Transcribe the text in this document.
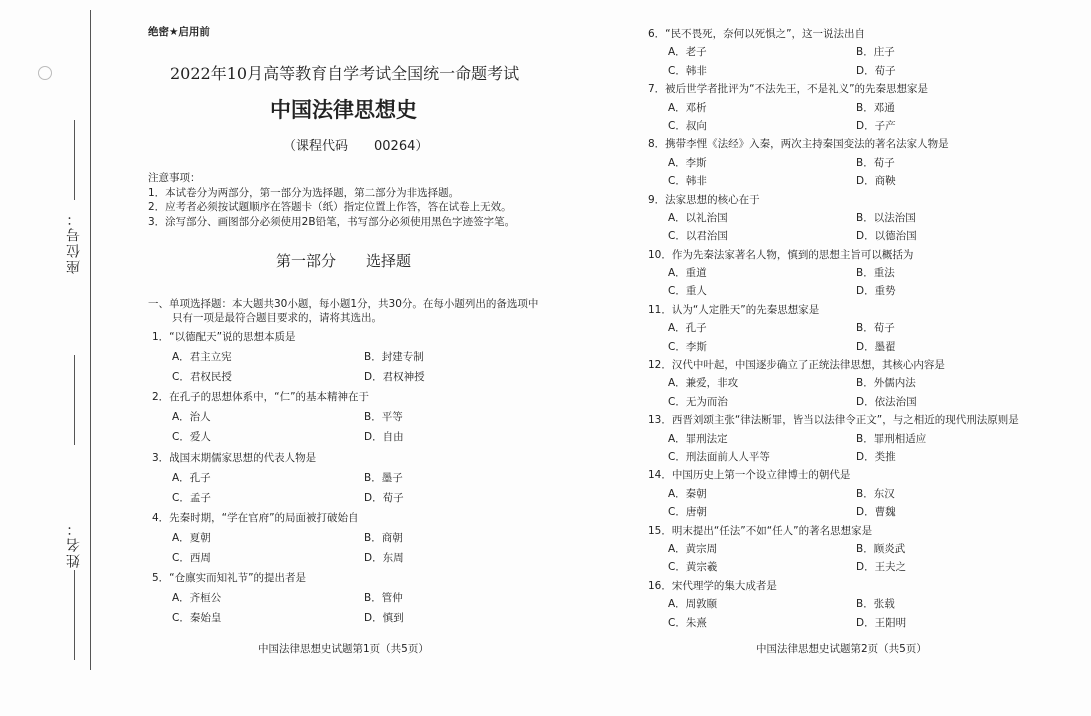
座位号：
姓名：
绝密★启用前
2022年10月高等教育自学考试全国统一命题考试
中国法律思想史
（课程代码　　00264）
注意事项：
1．本试卷分为两部分，第一部分为选择题，第二部分为非选择题。
2．应考者必须按试题顺序在答题卡（纸）指定位置上作答，答在试卷上无效。
3．涂写部分、画图部分必须使用2B铅笔，书写部分必须使用黑色字迹签字笔。
第一部分　　选择题
一、单项选择题：本大题共30小题，每小题1分，共30分。在每小题列出的备选项中
只有一项是最符合题目要求的，请将其选出。
1．“以德配天”说的思想本质是
A．君主立宪	B．封建专制
C．君权民授	D．君权神授
2．在孔子的思想体系中，“仁”的基本精神在于
A．治人	B．平等
C．爱人	D．自由
3．战国末期儒家思想的代表人物是
A．孔子	B．墨子
C．孟子	D．荀子
4．先秦时期，“学在官府”的局面被打破始自
A．夏朝	B．商朝
C．西周	D．东周
5．“仓廪实而知礼节”的提出者是
A．齐桓公	B．管仲
C．秦始皇	D．慎到
6．“民不畏死，奈何以死惧之”，这一说法出自
A．老子	B．庄子
C．韩非	D．荀子
7．被后世学者批评为“不法先王，不是礼义”的先秦思想家是
A．邓析	B．邓通
C．叔向	D．子产
8．携带李悝《法经》入秦，两次主持秦国变法的著名法家人物是
A．李斯	B．荀子
C．韩非	D．商鞅
9．法家思想的核心在于
A．以礼治国	B．以法治国
C．以君治国	D．以德治国
10．作为先秦法家著名人物，慎到的思想主旨可以概括为
A．重道	B．重法
C．重人	D．重势
11．认为“人定胜天”的先秦思想家是
A．孔子	B．荀子
C．李斯	D．墨翟
12．汉代中叶起，中国逐步确立了正统法律思想，其核心内容是
A．兼爱，非攻	B．外儒内法
C．无为而治	D．依法治国
13．西晋刘颂主张“律法断罪，皆当以法律令正文”，与之相近的现代刑法原则是
A．罪刑法定	B．罪刑相适应
C．刑法面前人人平等	D．类推
14．中国历史上第一个设立律博士的朝代是
A．秦朝	B．东汉
C．唐朝	D．曹魏
15．明末提出“任法”不如“任人”的著名思想家是
A．黄宗周	B．顾炎武
C．黄宗羲	D．王夫之
16．宋代理学的集大成者是
A．周敦颐	B．张载
C．朱熹	D．王阳明
中国法律思想史试题第1页（共5页）	中国法律思想史试题第2页（共5页）
